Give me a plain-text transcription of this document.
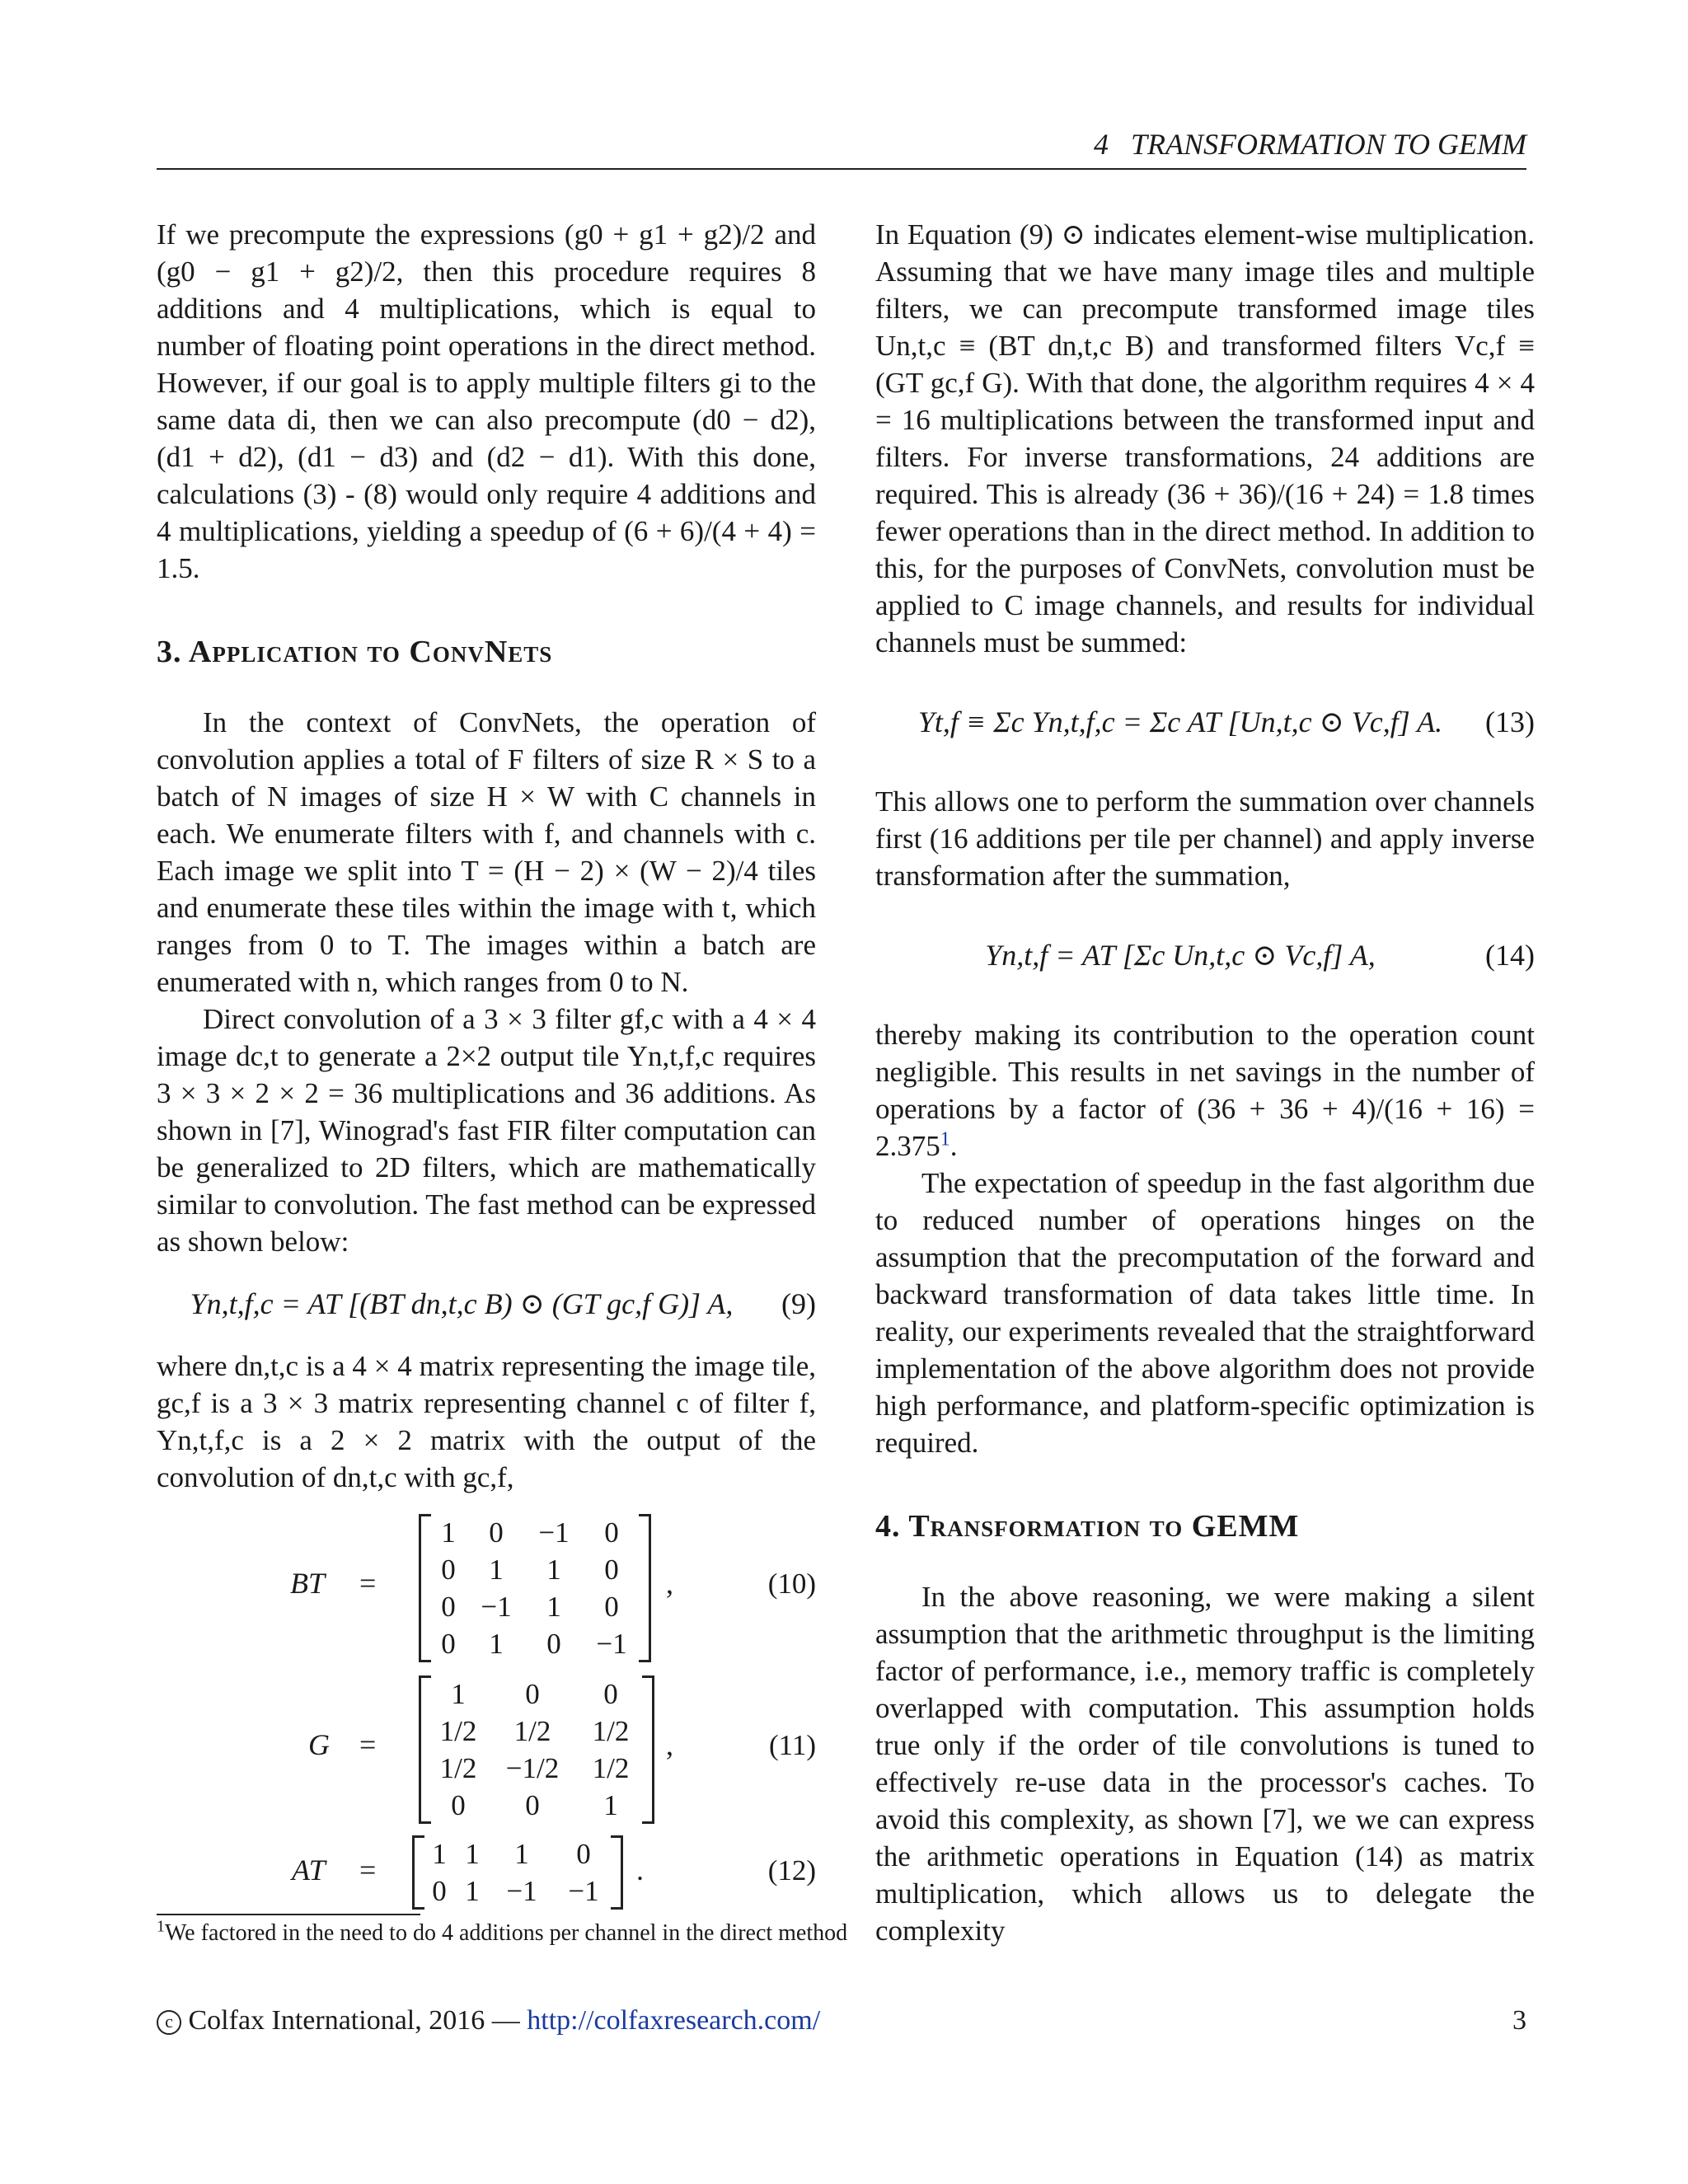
4 TRANSFORMATION TO GEMM

If we precompute the expressions (g0 + g1 + g2)/2 and (g0 − g1 + g2)/2, then this procedure requires 8 additions and 4 multiplications, which is equal to number of floating point operations in the direct method. However, if our goal is to apply multiple filters gi to the same data di, then we can also precompute (d0 − d2), (d1 + d2), (d1 − d3) and (d2 − d1). With this done, calculations (3) - (8) would only require 4 additions and 4 multiplications, yielding a speedup of (6 + 6)/(4 + 4) = 1.5.

3. Application to ConvNets

In the context of ConvNets, the operation of convolution applies a total of F filters of size R × S to a batch of N images of size H × W with C channels in each. We enumerate filters with f, and channels with c. Each image we split into T = (H − 2) × (W − 2)/4 tiles and enumerate these tiles within the image with t, which ranges from 0 to T. The images within a batch are enumerated with n, which ranges from 0 to N.

Direct convolution of a 3 × 3 filter gf,c with a 4 × 4 image dc,t to generate a 2×2 output tile Yn,t,f,c requires 3 × 3 × 2 × 2 = 36 multiplications and 36 additions. As shown in [7], Winograd's fast FIR filter computation can be generalized to 2D filters, which are mathematically similar to convolution. The fast method can be expressed as shown below:

Yn,t,f,c = AT [(BT dn,t,c B) ⊙ (GT gc,f G)] A, (9)

where dn,t,c is a 4 × 4 matrix representing the image tile, gc,f is a 3 × 3 matrix representing channel c of filter f, Yn,t,f,c is a 2 × 2 matrix with the output of the convolution of dn,t,c with gc,f,

BT =
1	0	−1	0
0	1	1	0
0 −1	1	0
0	1	0	−1
,	(10)
G =
1	0	0
1/2	1/2	1/2
1/2	−1/2	1/2
0	0	1
,	(11)
AT =	1 1	1	0
0 1 −1	−1
.	(12)

In Equation (9) ⊙ indicates element-wise multiplication. Assuming that we have many image tiles and multiple filters, we can precompute transformed image tiles Un,t,c ≡ (BT dn,t,c B) and transformed filters Vc,f ≡ (GT gc,f G). With that done, the algorithm requires 4 × 4 = 16 multiplications between the transformed input and filters. For inverse transformations, 24 additions are required. This is already (36 + 36)/(16 + 24) = 1.8 times fewer operations than in the direct method. In addition to this, for the purposes of ConvNets, convolution must be applied to C image channels, and results for individual channels must be summed:

Yt,f ≡ Σc Yn,t,f,c = Σc AT [Un,t,c ⊙ Vc,f] A. (13)

This allows one to perform the summation over channels first (16 additions per tile per channel) and apply inverse transformation after the summation,

Yn,t,f = AT [Σc Un,t,c ⊙ Vc,f] A,	(14)

thereby making its contribution to the operation count negligible. This results in net savings in the number of operations by a factor of (36 + 36 + 4)/(16 + 16) = 2.375$^1$.

The expectation of speedup in the fast algorithm due to reduced number of operations hinges on the assumption that the precomputation of the forward and backward transformation of data takes little time. In reality, our experiments revealed that the straightforward implementation of the above algorithm does not provide high performance, and platform-specific optimization is required.

4. Transformation to GEMM

In the above reasoning, we were making a silent assumption that the arithmetic throughput is the limiting factor of performance, i.e., memory traffic is completely overlapped with computation. This assumption holds true only if the order of tile convolutions is tuned to effectively re-use data in the processor's caches. To avoid this complexity, as shown [7], we we can express the arithmetic operations in Equation (14) as matrix multiplication, which allows us to delegate the complexity

$^1$We factored in the need to do 4 additions per channel in the direct method
c Colfax International, 2016 — http://colfaxresearch.com/	3
